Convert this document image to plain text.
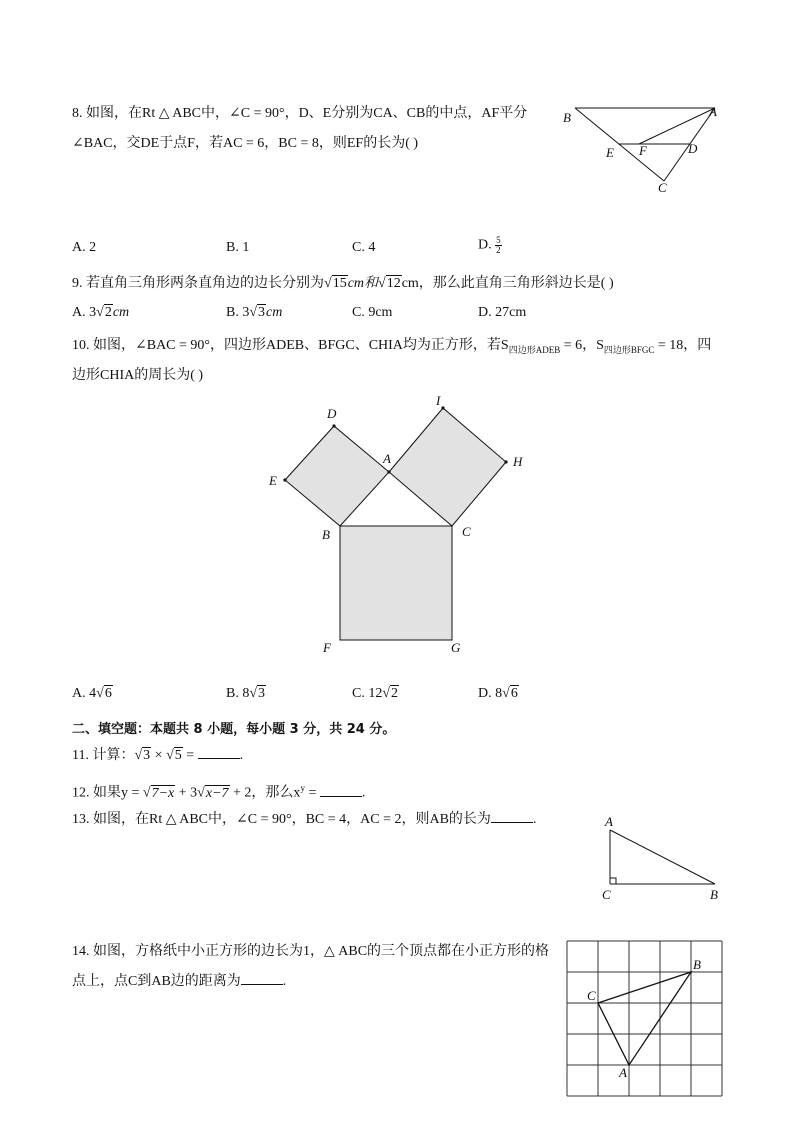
8. 如图，在Rt △ ABC中，∠C = 90°，D、E分别为CA、CB的中点，AF平分
∠BAC，交DE于点F，若AC = 6，BC = 8，则EF的长为( )
B	A
E F	D
C
A. 2	B. 1	C. 4	D. $\frac{5}{2}$
9. 若直角三角形两条直角边的边长分别为√15cm和√12cm，那么此直角三角形斜边长是( )
A. 3√2cm	B. 3√3cm	C. 9cm	D. 27cm
10. 如图，∠BAC = 90°，四边形ADEB、BFGC、CHIA均为正方形，若$S_{四边形ADEB} = 6$，$S_{四边形BFGC} = 18$，四
边形CHIA的周长为( )
D
I
A	H
E
B	C
F	G
A. 4√6	B. 8√3	C. 12√2	D. 8√6
二、填空题：本题共 8 小题，每小题 3 分，共 24 分。
11. 计算：√3 × √5 =	.
12. 如果y = √7−x + 3√x−7 + 2，那么$x^y$ =	.
13. 如图，在Rt △ ABC中，∠C = 90°，BC = 4，AC = 2，则AB的长为	.	A
C	B
14. 如图，方格纸中小正方形的边长为1，△ ABC的三个顶点都在小正方形的格
点上，点C到AB边的距离为	.
B
C
A
